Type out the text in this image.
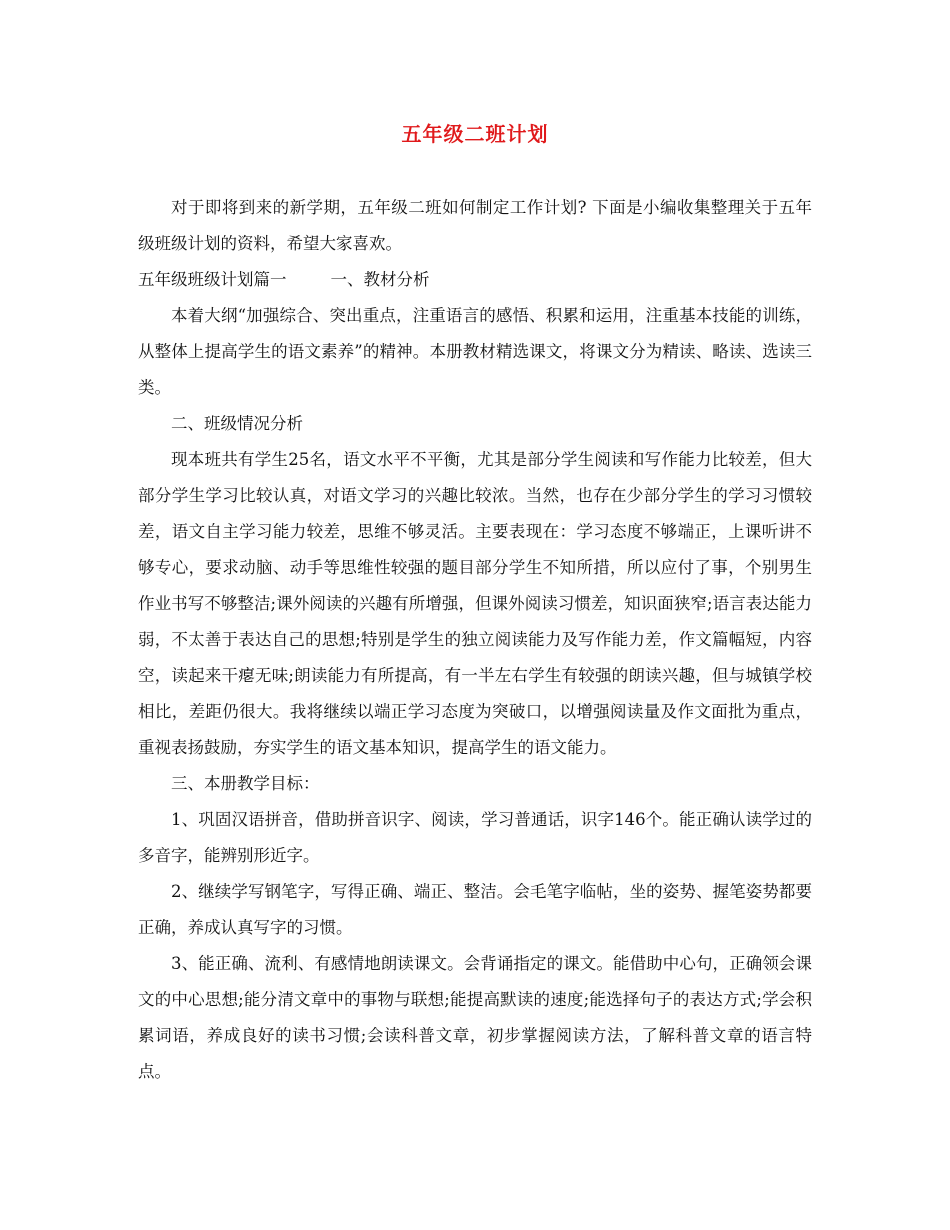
五年级二班计划

对于即将到来的新学期，五年级二班如何制定工作计划? 下面是小编收集整理关于五年级班级计划的资料，希望大家喜欢。

五年级班级计划篇一	一、教材分析

本着大纲“加强综合、突出重点，注重语言的感悟、积累和运用，注重基本技能的训练，从整体上提高学生的语文素养”的精神。本册教材精选课文，将课文分为精读、略读、选读三类。

二、班级情况分析

现本班共有学生25名，语文水平不平衡，尤其是部分学生阅读和写作能力比较差，但大部分学生学习比较认真，对语文学习的兴趣比较浓。当然，也存在少部分学生的学习习惯较差，语文自主学习能力较差，思维不够灵活。主要表现在：学习态度不够端正，上课听讲不够专心，要求动脑、动手等思维性较强的题目部分学生不知所措，所以应付了事，个别男生作业书写不够整洁;课外阅读的兴趣有所增强，但课外阅读习惯差，知识面狭窄;语言表达能力弱，不太善于表达自己的思想;特别是学生的独立阅读能力及写作能力差，作文篇幅短，内容空，读起来干瘪无味;朗读能力有所提高，有一半左右学生有较强的朗读兴趣，但与城镇学校相比，差距仍很大。我将继续以端正学习态度为突破口，以增强阅读量及作文面批为重点，重视表扬鼓励，夯实学生的语文基本知识，提高学生的语文能力。

三、本册教学目标：

1、巩固汉语拼音，借助拼音识字、阅读，学习普通话，识字146个。能正确认读学过的多音字，能辨别形近字。

2、继续学写钢笔字，写得正确、端正、整洁。会毛笔字临帖，坐的姿势、握笔姿势都要正确，养成认真写字的习惯。

3、能正确、流利、有感情地朗读课文。会背诵指定的课文。能借助中心句，正确领会课文的中心思想;能分清文章中的事物与联想;能提高默读的速度;能选择句子的表达方式;学会积累词语，养成良好的读书习惯;会读科普文章，初步掌握阅读方法，了解科普文章的语言特点。
